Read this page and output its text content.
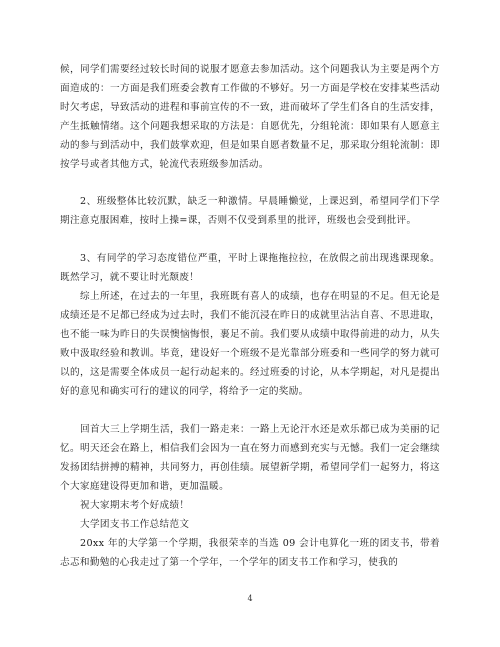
候，同学们需要经过较长时间的说服才愿意去参加活动。这个问题我认为主要是两个方面造成的：一方面是我们班委会教育工作做的不够好。另一方面是学校在安排某些活动时欠考虑，导致活动的进程和事前宣传的不一致，进而破坏了学生们各自的生活安排，产生抵触情绪。这个问题我想采取的方法是：自愿优先，分组轮流：即如果有人愿意主动的参与到活动中，我们鼓掌欢迎，但是如果自愿者数量不足，那采取分组轮流制：即按学号或者其他方式，轮流代表班级参加活动。

2、班级整体比较沉默，缺乏一种激情。早晨睡懒觉，上课迟到，希望同学们下学期注意克服困难，按时上操=课，否则不仅受到系里的批评，班级也会受到批评。

3、有同学的学习态度错位严重，平时上课拖拖拉拉，在放假之前出现逃课现象。既然学习，就不要让时光颓废！

综上所述，在过去的一年里，我班既有喜人的成绩，也存在明显的不足。但无论是成绩还是不足都已经成为过去时，我们不能沉浸在昨日的成就里沾沾自喜、不思进取，也不能一味为昨日的失误懊恼悔恨，裹足不前。我们要从成绩中取得前进的动力，从失败中汲取经验和教训。毕竟，建设好一个班级不是光靠部分班委和一些同学的努力就可以的，这是需要全体成员一起行动起来的。经过班委的讨论，从本学期起，对凡是提出好的意见和确实可行的建议的同学，将给予一定的奖励。

回首大三上学期生活，我们一路走来：一路上无论汗水还是欢乐都已成为美丽的记忆。明天还会在路上，相信我们会因为一直在努力而感到充实与无憾。我们一定会继续发扬团结拼搏的精神，共同努力，再创佳绩。展望新学期，希望同学们一起努力，将这个大家庭建设得更加和谐，更加温暖。

祝大家期末考个好成绩！

大学团支书工作总结范文

20xx 年的大学第一个学期，我很荣幸的当选 09 会计电算化一班的团支书，带着忐忑和勤勉的心我走过了第一个学年，一个学年的团支书工作和学习，使我的

4
